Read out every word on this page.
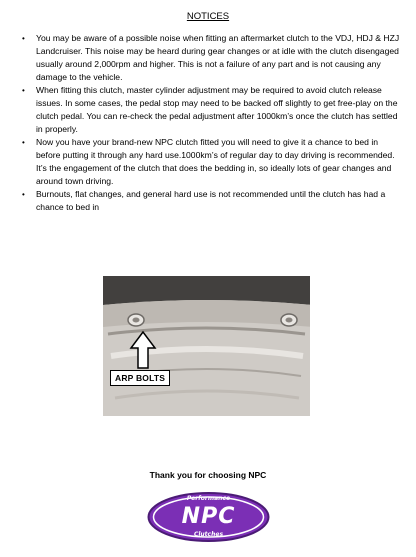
NOTICES
• You may be aware of a possible noise when fitting an aftermarket clutch to the VDJ, HDJ & HZJ Landcruiser. This noise may be heard during gear changes or at idle with the clutch disengaged usually around 2,000rpm and higher. This is not a failure of any part and is not causing any damage to the vehicle.
• When fitting this clutch, master cylinder adjustment may be required to avoid clutch release issues. In some cases, the pedal stop may need to be backed off slightly to get free-play on the clutch pedal. You can re-check the pedal adjustment after 1000km’s once the clutch has settled in properly.
• Now you have your brand-new NPC clutch fitted you will need to give it a chance to bed in before putting it through any hard use.1000km’s of regular day to day driving is recommended. It’s the engagement of the clutch that does the bedding in, so ideally lots of gear changes and around town driving.
• Burnouts, flat changes, and general hard use is not recommended until the clutch has had a chance to bed in
ARP BOLTS
Thank you for choosing NPC
Performance
NPC
Clutches
